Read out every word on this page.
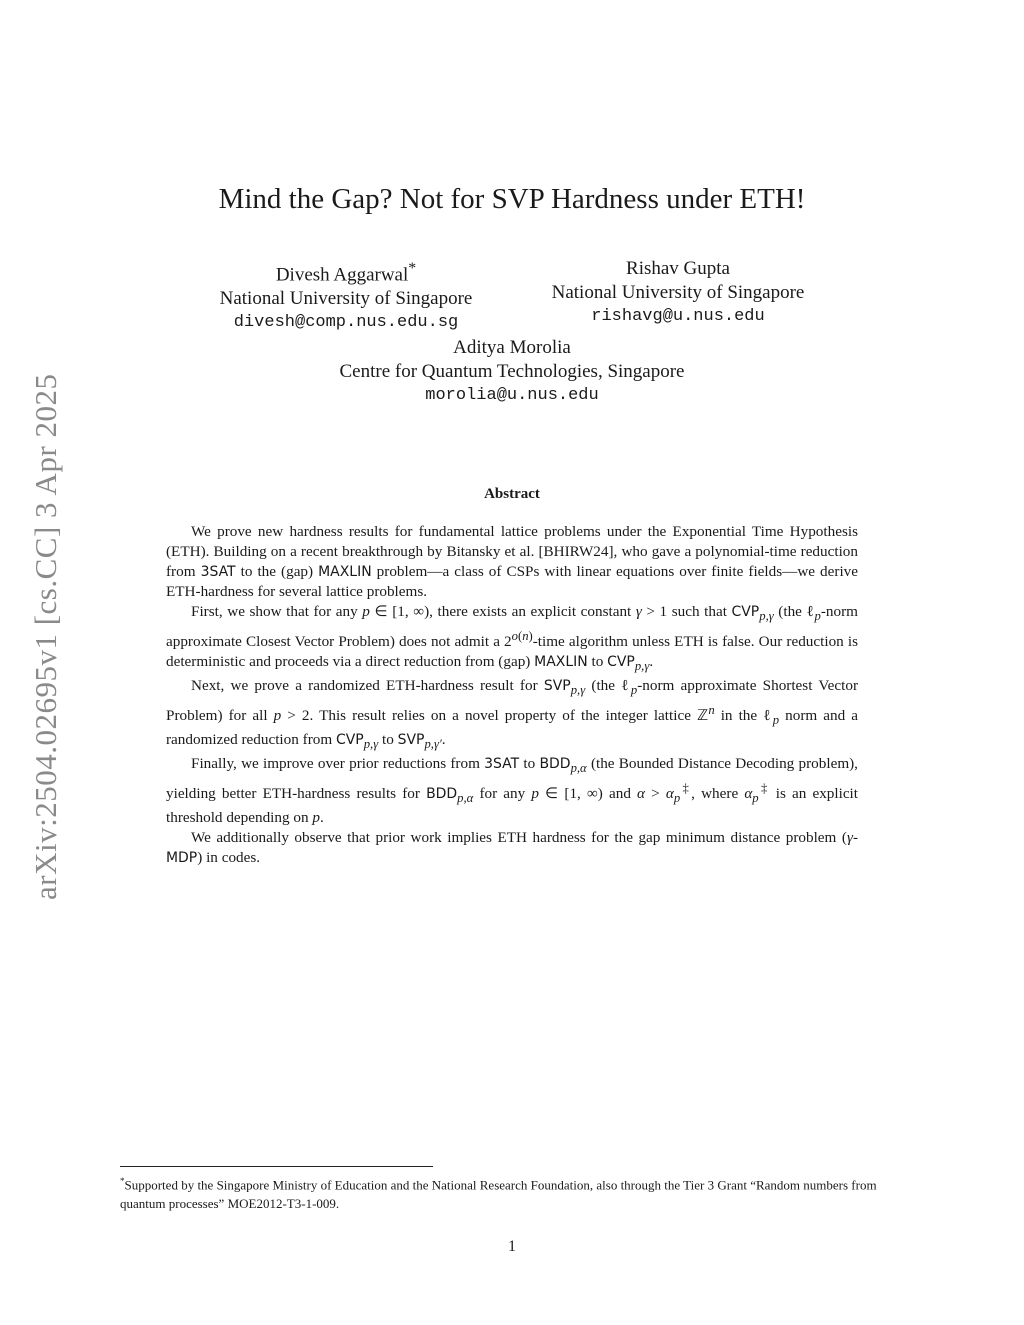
arXiv:2504.02695v1 [cs.CC] 3 Apr 2025
Mind the Gap? Not for SVP Hardness under ETH!
Divesh Aggarwal*
National University of Singapore
divesh@comp.nus.edu.sg
Rishav Gupta
National University of Singapore
rishavg@u.nus.edu
Aditya Morolia
Centre for Quantum Technologies, Singapore
morolia@u.nus.edu
Abstract

We prove new hardness results for fundamental lattice problems under the Exponential Time Hypothesis (ETH). Building on a recent breakthrough by Bitansky et al. [BHIRW24], who gave a polynomial-time reduction from 3SAT to the (gap) MAXLIN problem—a class of CSPs with linear equations over finite fields—we derive ETH-hardness for several lattice problems.

First, we show that for any p ∈ [1, ∞), there exists an explicit constant γ > 1 such that $CVP_{p,\gamma}$ (the ℓ$_p$-norm approximate Closest Vector Problem) does not admit a $2^{o(n)}$-time algorithm unless ETH is false. Our reduction is deterministic and proceeds via a direct reduction from (gap) MAXLIN to $CVP_{p,\gamma}$.

Next, we prove a randomized ETH-hardness result for $SVP_{p,\gamma}$ (the ℓ$_p$-norm approximate Shortest Vector Problem) for all p > 2. This result relies on a novel property of the integer lattice ℤ$^n$ in the ℓ$_p$ norm and a randomized reduction from $CVP_{p,\gamma}$ to $SVP_{p,\gamma'}$.

Finally, we improve over prior reductions from 3SAT to $BDD_{p,\alpha}$ (the Bounded Distance Decoding problem), yielding better ETH-hardness results for $BDD_{p,\alpha}$ for any p ∈ [1, ∞) and $\alpha > \alpha_p^\ddagger$, where $\alpha_p^\ddagger$ is an explicit threshold depending on p.

We additionally observe that prior work implies ETH hardness for the gap minimum distance problem (γ-MDP) in codes.

*Supported by the Singapore Ministry of Education and the National Research Foundation, also through the Tier 3 Grant “Random numbers from quantum processes” MOE2012-T3-1-009.

1
